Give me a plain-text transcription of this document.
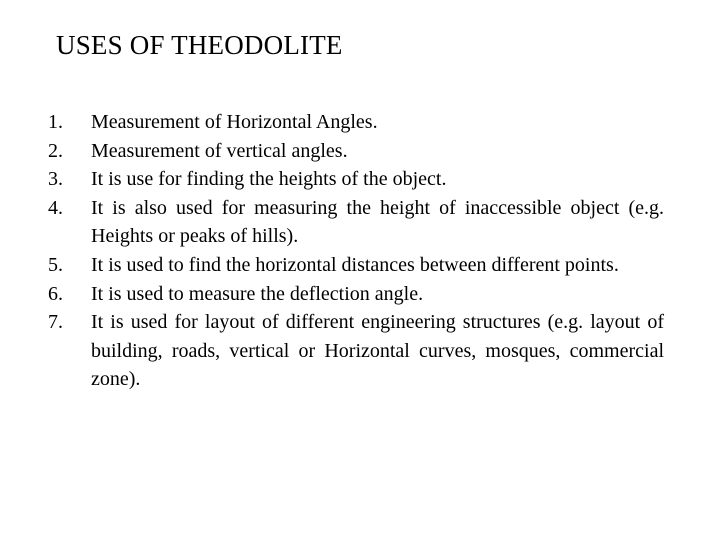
USES OF THEODOLITE
1.	Measurement of Horizontal Angles.
2.	Measurement of vertical angles.
3.	It is use for finding the heights of the object.
4.	It is also used for measuring the height of inaccessible object (e.g. Heights or peaks of hills).
5.	It is used to find the horizontal distances between different points.
6.	It is used to measure the deflection angle.
7.	It is used for layout of different engineering structures (e.g. layout of building, roads, vertical or Horizontal curves, mosques, commercial zone).
